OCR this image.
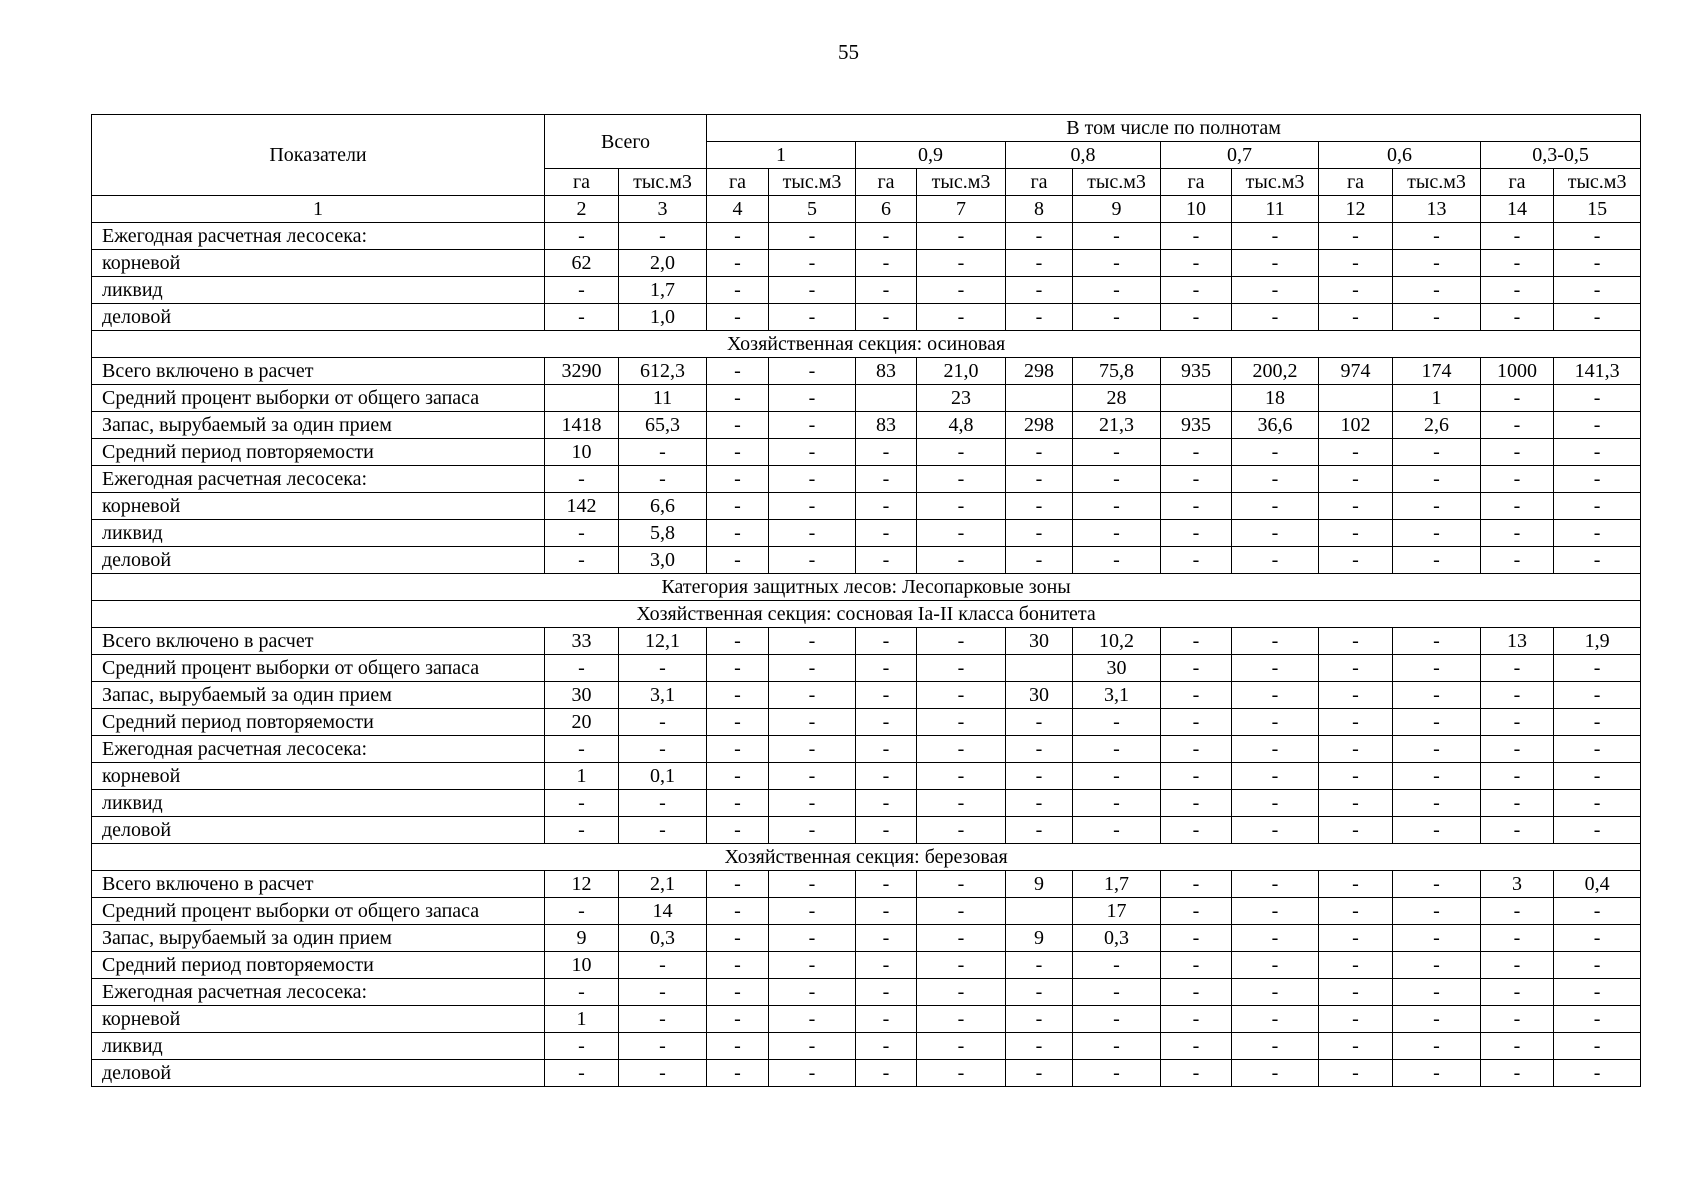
55
Показатели	Всего		В том числе по полнотам											
			1		0,9		0,8		0,7		0,6		0,3-0,5	
	га	тыс.м3	га	тыс.м3	га	тыс.м3	га	тыс.м3	га	тыс.м3	га	тыс.м3	га	тыс.м3
1	2	3	4	5	6	7	8	9	10	11	12	13	14	15
Ежегодная расчетная лесосека:	-	-	-	-	-	-	-	-	-	-	-	-	-	-
корневой	62	2,0	-	-	-	-	-	-	-	-	-	-	-	-
ликвид	-	1,7	-	-	-	-	-	-	-	-	-	-	-	-
деловой	-	1,0	-	-	-	-	-	-	-	-	-	-	-	-
Хозяйственная секция: осиновая														
Всего включено в расчет	3290	612,3	-	-	83	21,0	298	75,8	935	200,2	974	174	1000	141,3
Средний процент выборки от общего запаса		11	-	-		23		28		18		1	-	-
Запас, вырубаемый за один прием	1418	65,3	-	-	83	4,8	298	21,3	935	36,6	102	2,6	-	-
Средний период повторяемости	10	-	-	-	-	-	-	-	-	-	-	-	-	-
Ежегодная расчетная лесосека:	-	-	-	-	-	-	-	-	-	-	-	-	-	-
корневой	142	6,6	-	-	-	-	-	-	-	-	-	-	-	-
ликвид	-	5,8	-	-	-	-	-	-	-	-	-	-	-	-
деловой	-	3,0	-	-	-	-	-	-	-	-	-	-	-	-
Категория защитных лесов: Лесопарковые зоны														
Хозяйственная секция: сосновая Iа-II класса бонитета														
Всего включено в расчет	33	12,1	-	-	-	-	30	10,2	-	-	-	-	13	1,9
Средний процент выборки от общего запаса	-	-	-	-	-	-		30	-	-	-	-	-	-
Запас, вырубаемый за один прием	30	3,1	-	-	-	-	30	3,1	-	-	-	-	-	-
Средний период повторяемости	20	-	-	-	-	-	-	-	-	-	-	-	-	-
Ежегодная расчетная лесосека:	-	-	-	-	-	-	-	-	-	-	-	-	-	-
корневой	1	0,1	-	-	-	-	-	-	-	-	-	-	-	-
ликвид	-	-	-	-	-	-	-	-	-	-	-	-	-	-
деловой	-	-	-	-	-	-	-	-	-	-	-	-	-	-
Хозяйственная секция: березовая														
Всего включено в расчет	12	2,1	-	-	-	-	9	1,7	-	-	-	-	3	0,4
Средний процент выборки от общего запаса	-	14	-	-	-	-		17	-	-	-	-	-	-
Запас, вырубаемый за один прием	9	0,3	-	-	-	-	9	0,3	-	-	-	-	-	-
Средний период повторяемости	10	-	-	-	-	-	-	-	-	-	-	-	-	-
Ежегодная расчетная лесосека:	-	-	-	-	-	-	-	-	-	-	-	-	-	-
корневой	1	-	-	-	-	-	-	-	-	-	-	-	-	-
ликвид	-	-	-	-	-	-	-	-	-	-	-	-	-	-
деловой	-	-	-	-	-	-	-	-	-	-	-	-	-	-
